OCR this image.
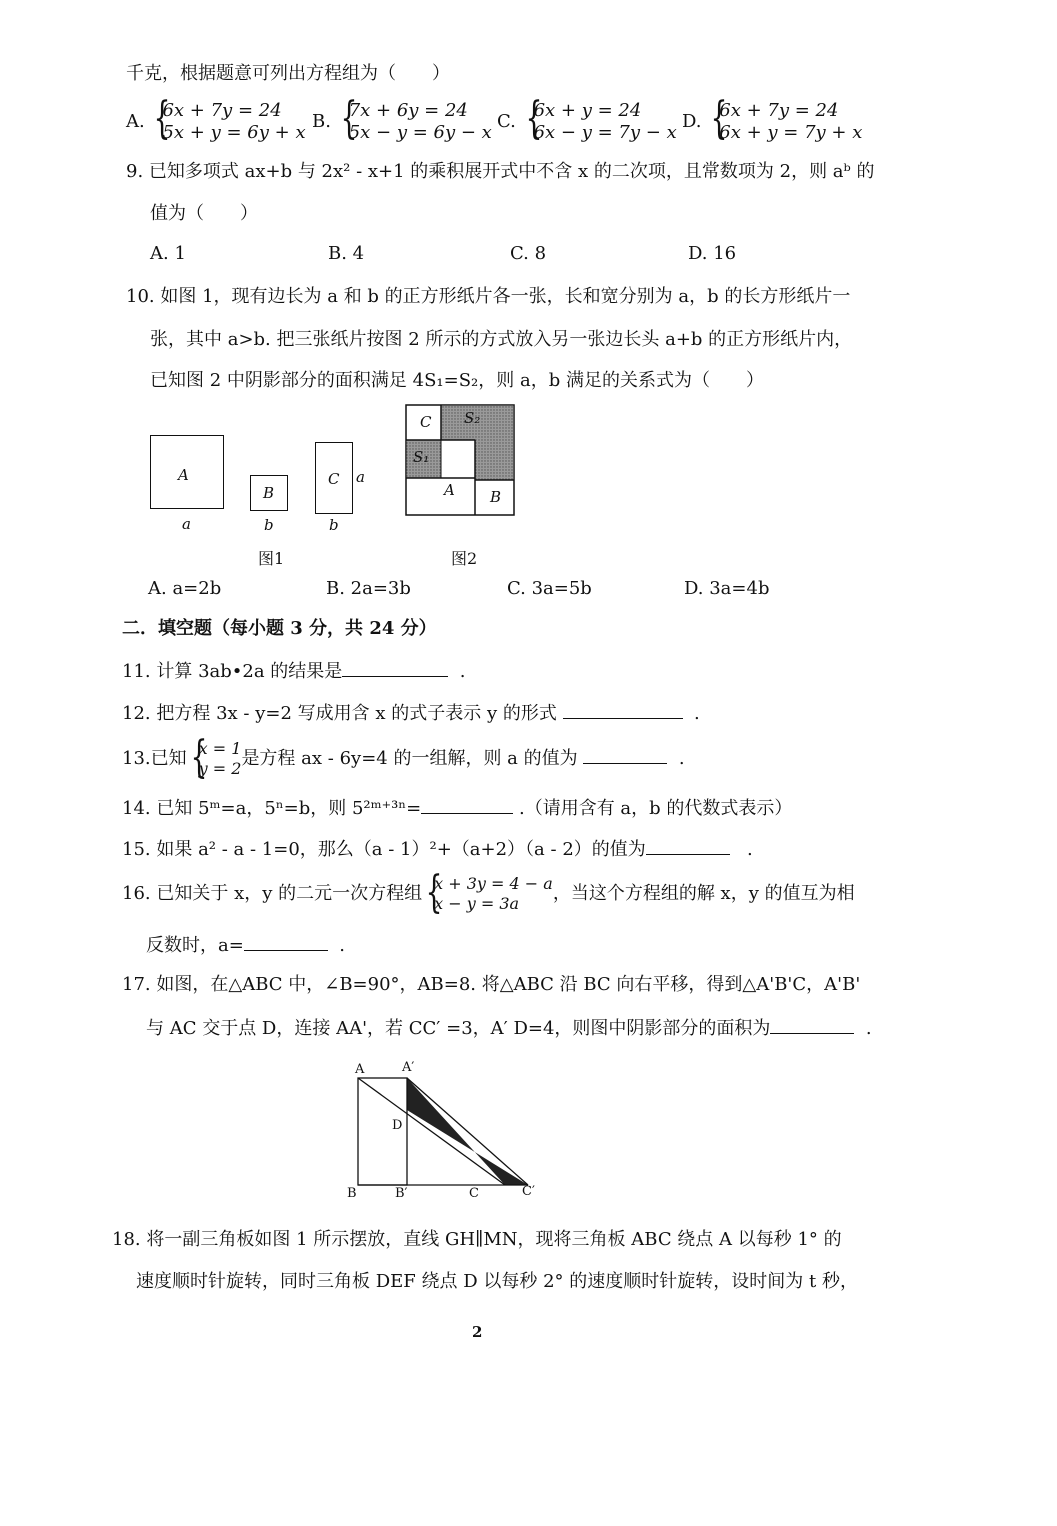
千克，根据题意可列出方程组为（　　）
A.
{ 6x + 7y = 24
5x + y = 6y + x
B.
{ 7x + 6y = 24
5x − y = 6y − x
C.
{ 6x + y = 24
6x − y = 7y − x
D.
{ 6x + 7y = 24
6x + y = 7y + x
9. 已知多项式 ax+b 与 2x² - x+1 的乘积展开式中不含 x 的二次项，且常数项为 2，则 aᵇ 的
值为（　　）
A. 1	B. 4	C. 8	D. 16
10. 如图 1，现有边长为 a 和 b 的正方形纸片各一张，长和宽分别为 a，b 的长方形纸片一
张，其中 a>b. 把三张纸片按图 2 所示的方式放入另一张边长头 a+b 的正方形纸片内，
已知图 2 中阴影部分的面积满足 4S₁=S₂，则 a，b 满足的关系式为（　　）
A
a
B
b
C a
b
图1
C S₂
S₁
A B
图2
A. a=2b	B. 2a=3b	C. 3a=5b	D. 3a=4b
二．填空题（每小题 3 分，共 24 分）
11. 计算 3ab•2a 的结果是	.
12. 把方程 3x - y=2 写成用含 x 的式子表示 y 的形式	.
13.已知 { x = 1
y = 2 是方程 ax - 6y=4 的一组解，则 a 的值为	.
14. 已知 5ᵐ=a，5ⁿ=b，则 5²ᵐ⁺³ⁿ=	.（请用含有 a，b 的代数式表示）
15. 如果 a² - a - 1=0，那么（a - 1）²+（a+2）（a - 2）的值为	.
16. 已知关于 x，y 的二元一次方程组 { x + 3y = 4 − a
x − y = 3a	，当这个方程组的解 x，y 的值互为相
反数时，a=	.
17. 如图，在△ABC 中，∠B=90°，AB=8. 将△ABC 沿 BC 向右平移，得到△A'B'C，A'B'
与 AC 交于点 D，连接 AA'，若 CC′ =3，A′ D=4，则图中阴影部分的面积为	.
A	A′
D
B	B′	C	C′
18. 将一副三角板如图 1 所示摆放，直线 GH∥MN，现将三角板 ABC 绕点 A 以每秒 1° 的
速度顺时针旋转，同时三角板 DEF 绕点 D 以每秒 2° 的速度顺时针旋转，设时间为 t 秒，
2
